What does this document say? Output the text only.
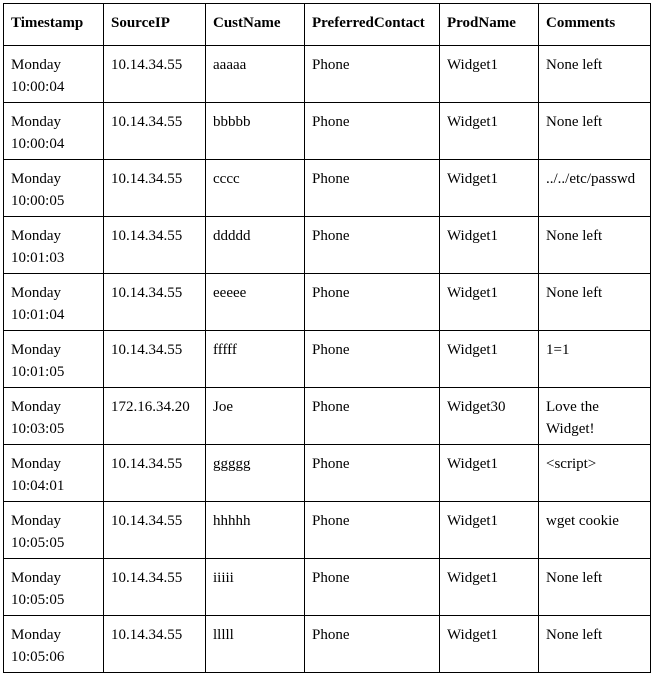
Timestamp	SourceIP	CustName	PreferredContact	ProdName	Comments
Monday 10:00:04	10.14.34.55	aaaaa	Phone	Widget1	None left
Monday 10:00:04	10.14.34.55	bbbbb	Phone	Widget1	None left
Monday 10:00:05	10.14.34.55	cccc	Phone	Widget1	../../etc/passwd
Monday 10:01:03	10.14.34.55	ddddd	Phone	Widget1	None left
Monday 10:01:04	10.14.34.55	eeeee	Phone	Widget1	None left
Monday 10:01:05	10.14.34.55	fffff	Phone	Widget1	1=1
Monday 10:03:05	172.16.34.20	Joe	Phone	Widget30	Love the Widget!
Monday 10:04:01	10.14.34.55	ggggg	Phone	Widget1	<script>
Monday 10:05:05	10.14.34.55	hhhhh	Phone	Widget1	wget cookie
Monday 10:05:05	10.14.34.55	iiiii	Phone	Widget1	None left
Monday 10:05:06	10.14.34.55	lllll	Phone	Widget1	None left
